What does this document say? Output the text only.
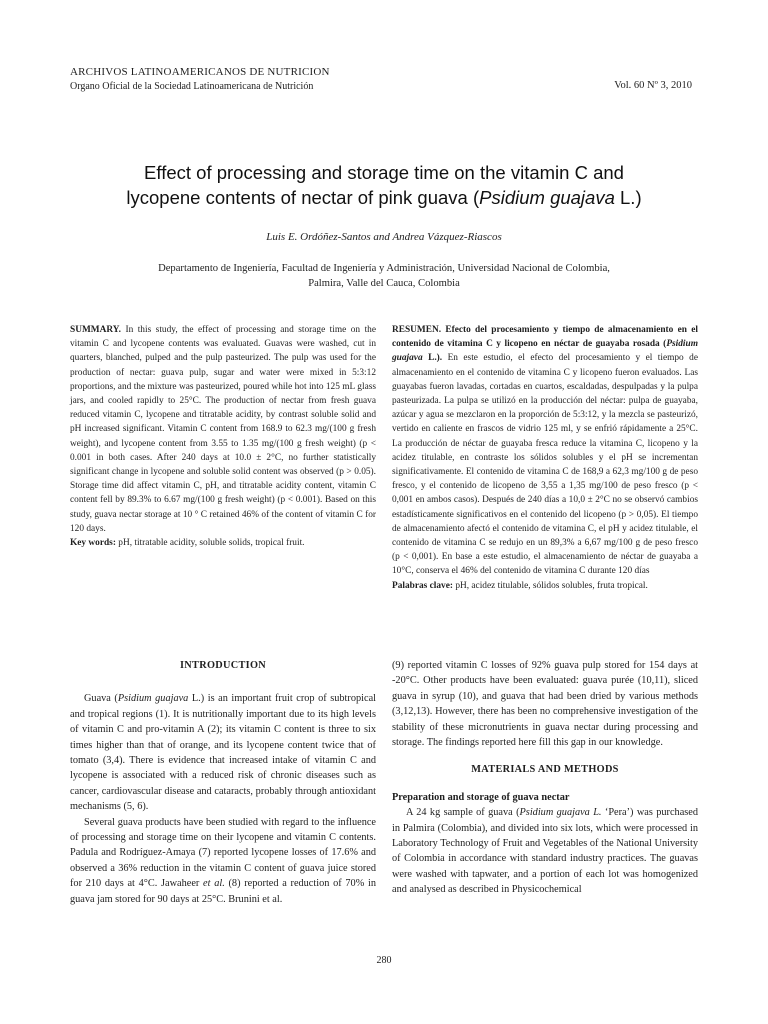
ARCHIVOS LATINOAMERICANOS DE NUTRICION
Organo Oficial de la Sociedad Latinoamericana de Nutrición	Vol. 60 Nº 3, 2010
Effect of processing and storage time on the vitamin C and
lycopene contents of nectar of pink guava (Psidium guajava L.)
Luis E. Ordóñez-Santos and Andrea Vázquez-Riascos
Departamento de Ingeniería, Facultad de Ingeniería y Administración, Universidad Nacional de Colombia,
Palmira, Valle del Cauca, Colombia

SUMMARY. In this study, the effect of processing and storage time on the vitamin C and lycopene contents was evaluated. Guavas were washed, cut in quarters, blanched, pulped and the pulp pasteurized. The pulp was used for the production of nectar: guava pulp, sugar and water were mixed in 5:3:12 proportions, and the mixture was pasteurized, poured while hot into 125 mL glass jars, and cooled rapidly to 25°C. The production of nectar from fresh guava reduced vitamin C, lycopene and titratable acidity, by contrast soluble solid and pH increased significant. Vitamin C content from 168.9 to 62.3 mg/(100 g fresh weight), and lycopene content from 3.55 to 1.35 mg/(100 g fresh weight) (p < 0.001 in both cases. After 240 days at 10.0 ± 2°C, no further statistically significant change in lycopene and soluble solid content was observed (p > 0.05). Storage time did affect vitamin C, pH, and titratable acidity content, vitamin C content fell by 89.3% to 6.67 mg/(100 g fresh weight) (p < 0.001). Based on this study, guava nectar storage at 10 ° C retained 46% of the content of vitamin C for 120 days.

Key words: pH, titratable acidity, soluble solids, tropical fruit.

RESUMEN. Efecto del procesamiento y tiempo de almacenamiento en el contenido de vitamina C y licopeno en néctar de guayaba rosada (Psidium guajava L.). En este estudio, el efecto del procesamiento y el tiempo de almacenamiento en el contenido de vitamina C y licopeno fueron evaluados. Las guayabas fueron lavadas, cortadas en cuartos, escaldadas, despulpadas y la pulpa pasteurizada. La pulpa se utilizó en la producción del néctar: pulpa de guayaba, azúcar y agua se mezclaron en la proporción de 5:3:12, y la mezcla se pasteurizó, vertido en caliente en frascos de vidrio 125 ml, y se enfrió rápidamente a 25°C. La producción de néctar de guayaba fresca reduce la vitamina C, licopeno y la acidez titulable, en contraste los sólidos solubles y el pH se incrementan significativamente. El contenido de vitamina C de 168,9 a 62,3 mg/100 g de peso fresco, y el contenido de licopeno de 3,55 a 1,35 mg/100 de peso fresco (p < 0,001 en ambos casos). Después de 240 días a 10,0 ± 2°C no se observó cambios estadísticamente significativos en el contenido del licopeno (p > 0,05). El tiempo de almacenamiento afectó el contenido de vitamina C, el pH y acidez titulable, el contenido de vitamina C se redujo en un 89,3% a 6,67 mg/100 g de peso fresco (p < 0,001). En base a este estudio, el almacenamiento de néctar de guayaba a 10°C, conserva el 46% del contenido de vitamina C durante 120 días

Palabras clave: pH, acidez titulable, sólidos solubles, fruta tropical.

INTRODUCTION

Guava (Psidium guajava L.) is an important fruit crop of subtropical and tropical regions (1). It is nutritionally important due to its high levels of vitamin C and pro-vitamin A (2); its vitamin C content is three to six times higher than that of orange, and its lycopene content twice that of tomato (3,4). There is evidence that increased intake of vitamin C and lycopene is associated with a reduced risk of chronic diseases such as cancer, cardiovascular disease and cataracts, probably through antioxidant mechanisms (5, 6).

Several guava products have been studied with regard to the influence of processing and storage time on their lycopene and vitamin C contents. Padula and Rodríguez-Amaya (7) reported lycopene losses of 17.6% and observed a 36% reduction in the vitamin C content of guava juice stored for 210 days at 4°C. Jawaheer et al. (8) reported a reduction of 70% in guava jam stored for 90 days at 25°C. Brunini et al.

(9) reported vitamin C losses of 92% guava pulp stored for 154 days at -20°C. Other products have been evaluated: guava purée (10,11), sliced guava in syrup (10), and guava that had been dried by various methods (3,12,13). However, there has been no comprehensive investigation of the stability of these micronutrients in guava nectar during processing and storage. The findings reported here fill this gap in our knowledge.

MATERIALS AND METHODS
Preparation and storage of guava nectar

A 24 kg sample of guava (Psidium guajava L. ‘Pera’) was purchased in Palmira (Colombia), and divided into six lots, which were processed in Laboratory Technology of Fruit and Vegetables of the National University of Colombia in accordance with standard industry practices. The guavas were washed with tapwater, and a portion of each lot was homogenized and analysed as described in Physicochemical

280
